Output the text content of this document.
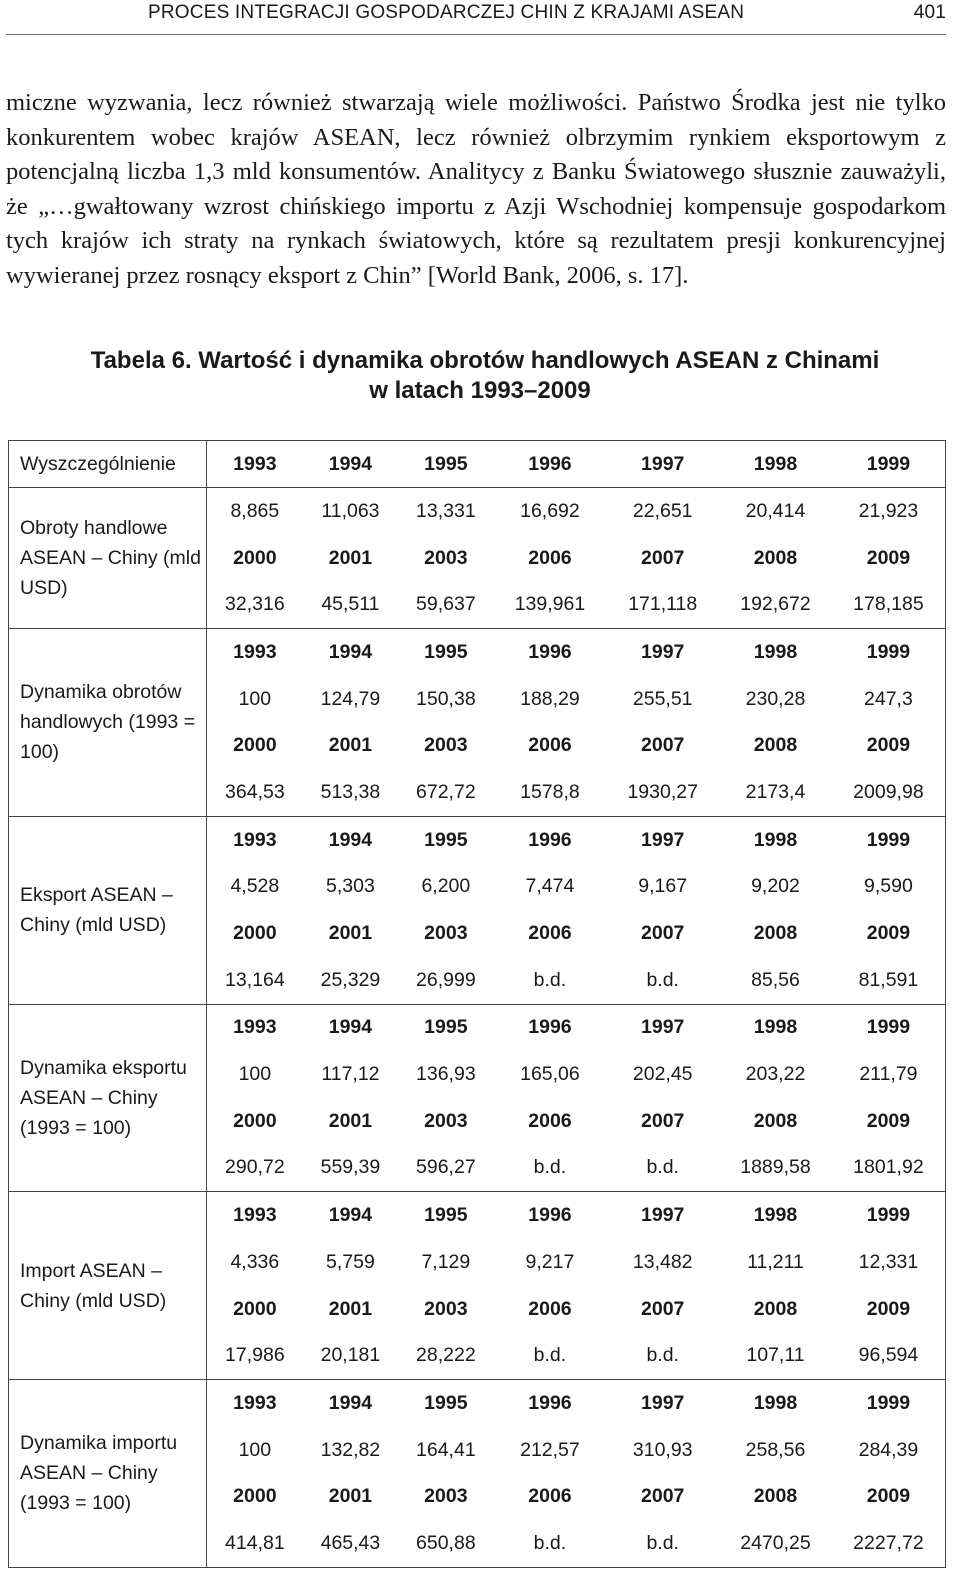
PROCES INTEGRACJI GOSPODARCZEJ CHIN Z KRAJAMI ASEAN	401

miczne wyzwania, lecz również stwarzają wiele możliwości. Państwo Środka jest nie tylko konkurentem wobec krajów ASEAN, lecz również olbrzymim rynkiem eksportowym z potencjalną liczba 1,3 mld konsumentów. Analitycy z Banku Światowego słusznie zauważyli, że „…gwałtowany wzrost chińskiego importu z Azji Wschodniej kompensuje gospodarkom tych krajów ich straty na rynkach światowych, które są rezultatem presji konkurencyjnej wywieranej przez rosnący eksport z Chin” [World Bank, 2006, s. 17].

Tabela 6. Wartość i dynamika obrotów handlowych ASEAN z Chinami
w latach 1993–2009
Wyszczególnienie	1993	1994	1995	1996	1997	1998	1999
Obroty handlowe ASEAN – Chiny (mld USD)	8,865	11,063	13,331	16,692	22,651	20,414	21,923
	2000	2001	2003	2006	2007	2008	2009
	32,316	45,511	59,637	139,961	171,118	192,672	178,185
Dynamika obrotów handlowych (1993 = 100)	1993	1994	1995	1996	1997	1998	1999
	100	124,79	150,38	188,29	255,51	230,28	247,3
	2000	2001	2003	2006	2007	2008	2009
	364,53	513,38	672,72	1578,8	1930,27	2173,4	2009,98
Eksport ASEAN – Chiny (mld USD)	1993	1994	1995	1996	1997	1998	1999
	4,528	5,303	6,200	7,474	9,167	9,202	9,590
	2000	2001	2003	2006	2007	2008	2009
	13,164	25,329	26,999	b.d.	b.d.	85,56	81,591
Dynamika eksportu ASEAN – Chiny (1993 = 100)	1993	1994	1995	1996	1997	1998	1999
	100	117,12	136,93	165,06	202,45	203,22	211,79
	2000	2001	2003	2006	2007	2008	2009
	290,72	559,39	596,27	b.d.	b.d.	1889,58	1801,92
Import ASEAN – Chiny (mld USD)	1993	1994	1995	1996	1997	1998	1999
	4,336	5,759	7,129	9,217	13,482	11,211	12,331
	2000	2001	2003	2006	2007	2008	2009
	17,986	20,181	28,222	b.d.	b.d.	107,11	96,594
Dynamika importu ASEAN – Chiny (1993 = 100)	1993	1994	1995	1996	1997	1998	1999
	100	132,82	164,41	212,57	310,93	258,56	284,39
	2000	2001	2003	2006	2007	2008	2009
	414,81	465,43	650,88	b.d.	b.d.	2470,25	2227,72
